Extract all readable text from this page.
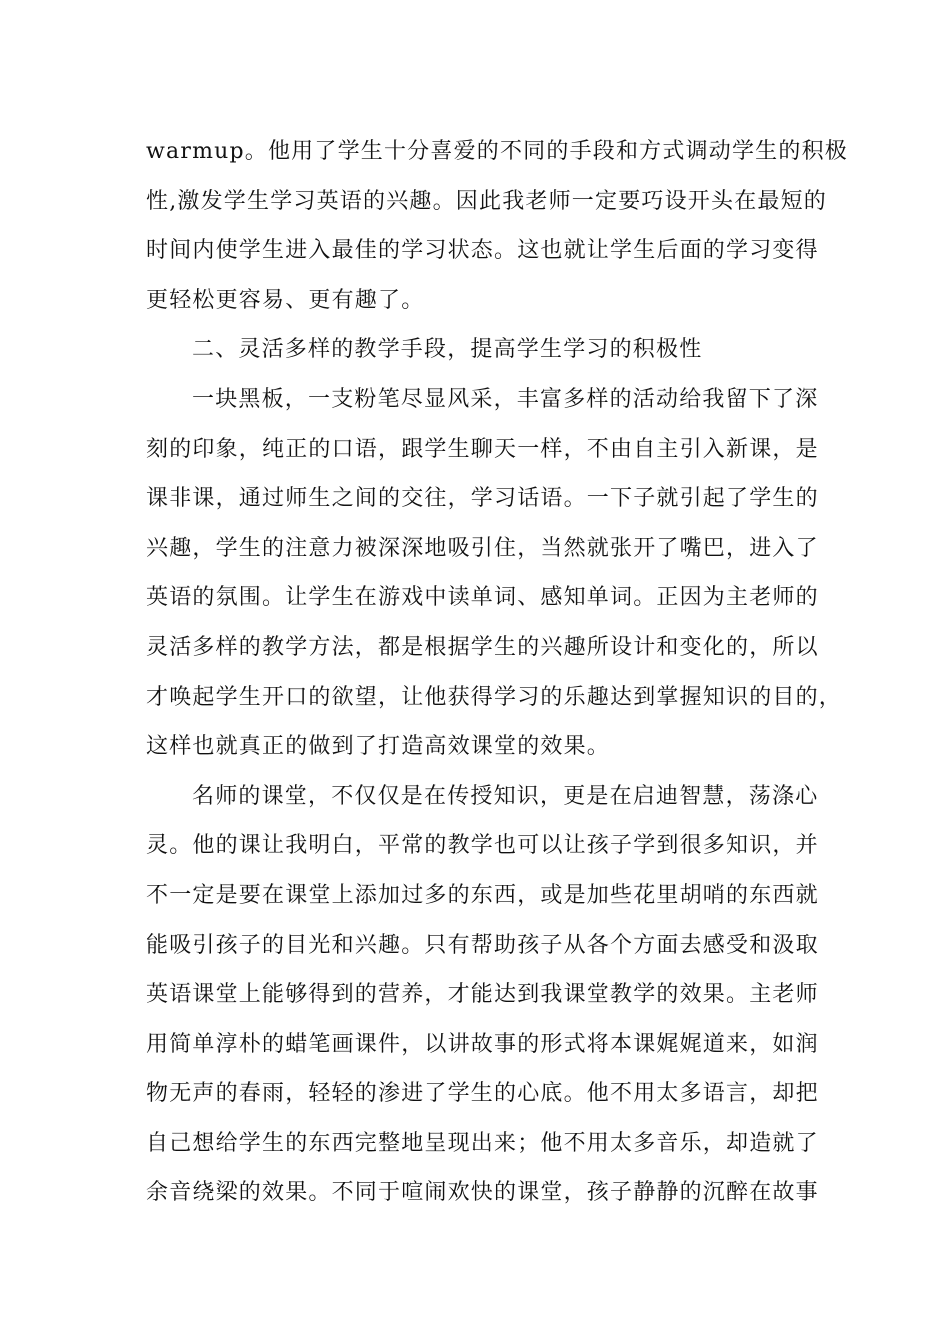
warmup。他用了学生十分喜爱的不同的手段和方式调动学生的积极
性,激发学生学习英语的兴趣。因此我老师一定要巧设开头在最短的
时间内使学生进入最佳的学习状态。这也就让学生后面的学习变得
更轻松更容易、更有趣了。
二、灵活多样的教学手段，提高学生学习的积极性
一块黑板，一支粉笔尽显风采，丰富多样的活动给我留下了深
刻的印象，纯正的口语，跟学生聊天一样，不由自主引入新课，是
课非课，通过师生之间的交往，学习话语。一下子就引起了学生的
兴趣，学生的注意力被深深地吸引住，当然就张开了嘴巴，进入了
英语的氛围。让学生在游戏中读单词、感知单词。正因为主老师的
灵活多样的教学方法，都是根据学生的兴趣所设计和变化的，所以
才唤起学生开口的欲望，让他获得学习的乐趣达到掌握知识的目的，
这样也就真正的做到了打造高效课堂的效果。
名师的课堂，不仅仅是在传授知识，更是在启迪智慧，荡涤心
灵。他的课让我明白，平常的教学也可以让孩子学到很多知识，并
不一定是要在课堂上添加过多的东西，或是加些花里胡哨的东西就
能吸引孩子的目光和兴趣。只有帮助孩子从各个方面去感受和汲取
英语课堂上能够得到的营养，才能达到我课堂教学的效果。主老师
用简单淳朴的蜡笔画课件，以讲故事的形式将本课娓娓道来，如润
物无声的春雨，轻轻的渗进了学生的心底。他不用太多语言，却把
自己想给学生的东西完整地呈现出来；他不用太多音乐，却造就了
余音绕梁的效果。不同于喧闹欢快的课堂，孩子静静的沉醉在故事
